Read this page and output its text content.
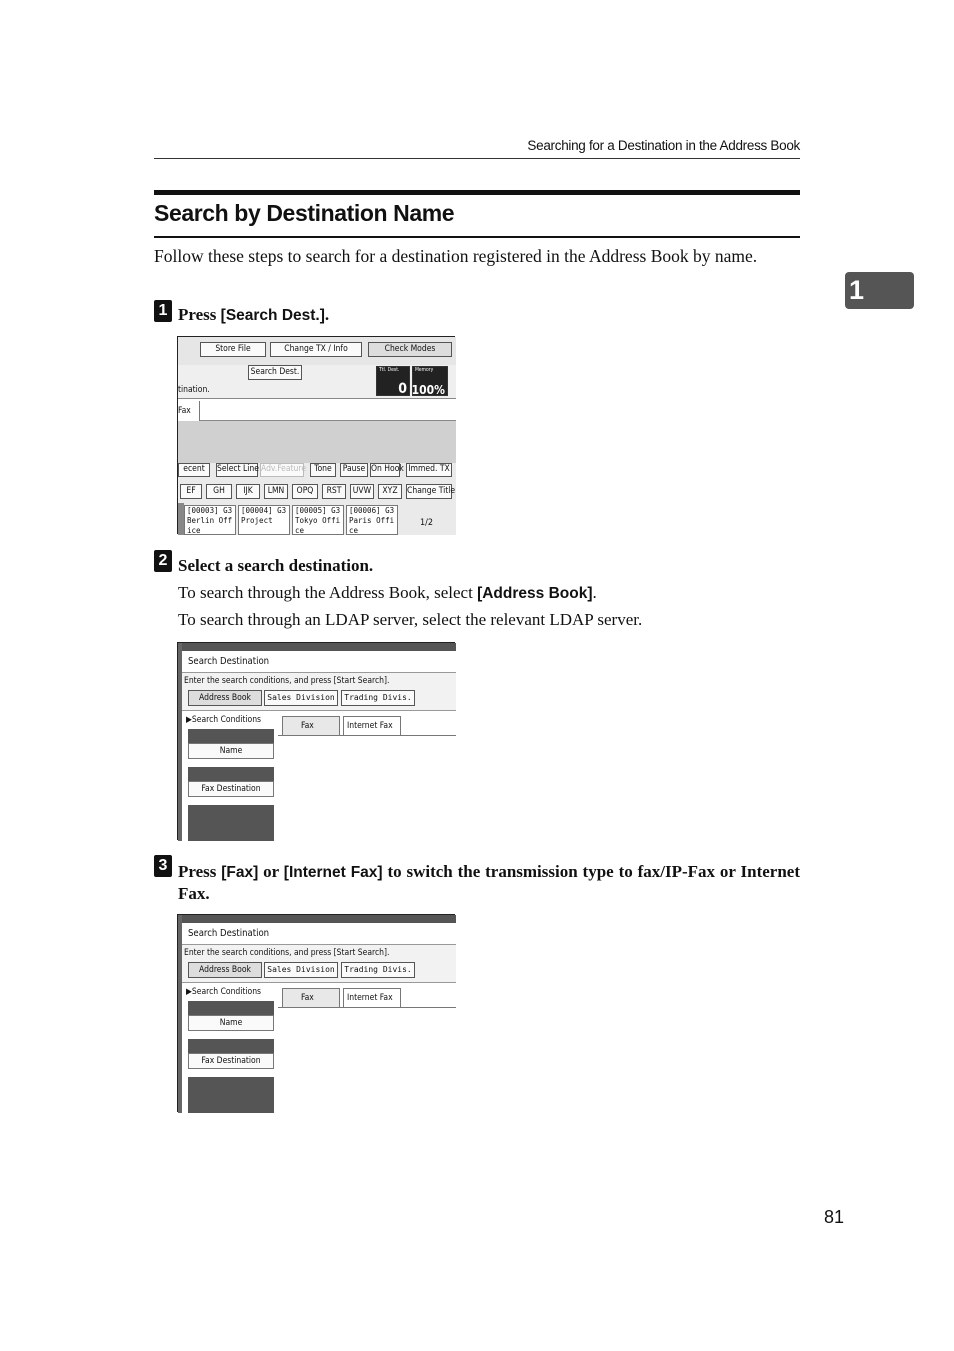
Searching for a Destination in the Address Book
Search by Destination Name
1

Follow these steps to search for a destination registered in the Address Book by name.

1 Press [Search Dest.].
Store File	Change TX / Info	Check Modes
Search Dest.
tination.
Ttl. Dest.
0
Memory
100%
Fax
ecent	Select Line Adv.Feature Tone	Pause On Hook Immed. TX
EF	GH	IJK	LMN	OPQ	RST	UVW	XYZ	Change Title
[00003] G3
Berlin Off
ice
[00004] G3
Project
[00005] G3
Tokyo Offi
ce
[00006] G3
Paris Offi
ce
1/2
2 Select a search destination.
To search through the Address Book, select [Address Book].
To search through an LDAP server, select the relevant LDAP server.
Search Destination
Enter the search conditions, and press [Start Search].
Address Book	Sales Division	Trading Divis.
▶Search Conditions
Name
Fax Destination
Fax	Internet Fax
3 Press [Fax] or [Internet Fax] to switch the transmission type to fax/IP-Fax or Internet Fax.
Search Destination
Enter the search conditions, and press [Start Search].
Address Book	Sales Division	Trading Divis.
▶Search Conditions
Name
Fax Destination
Fax	Internet Fax
81
